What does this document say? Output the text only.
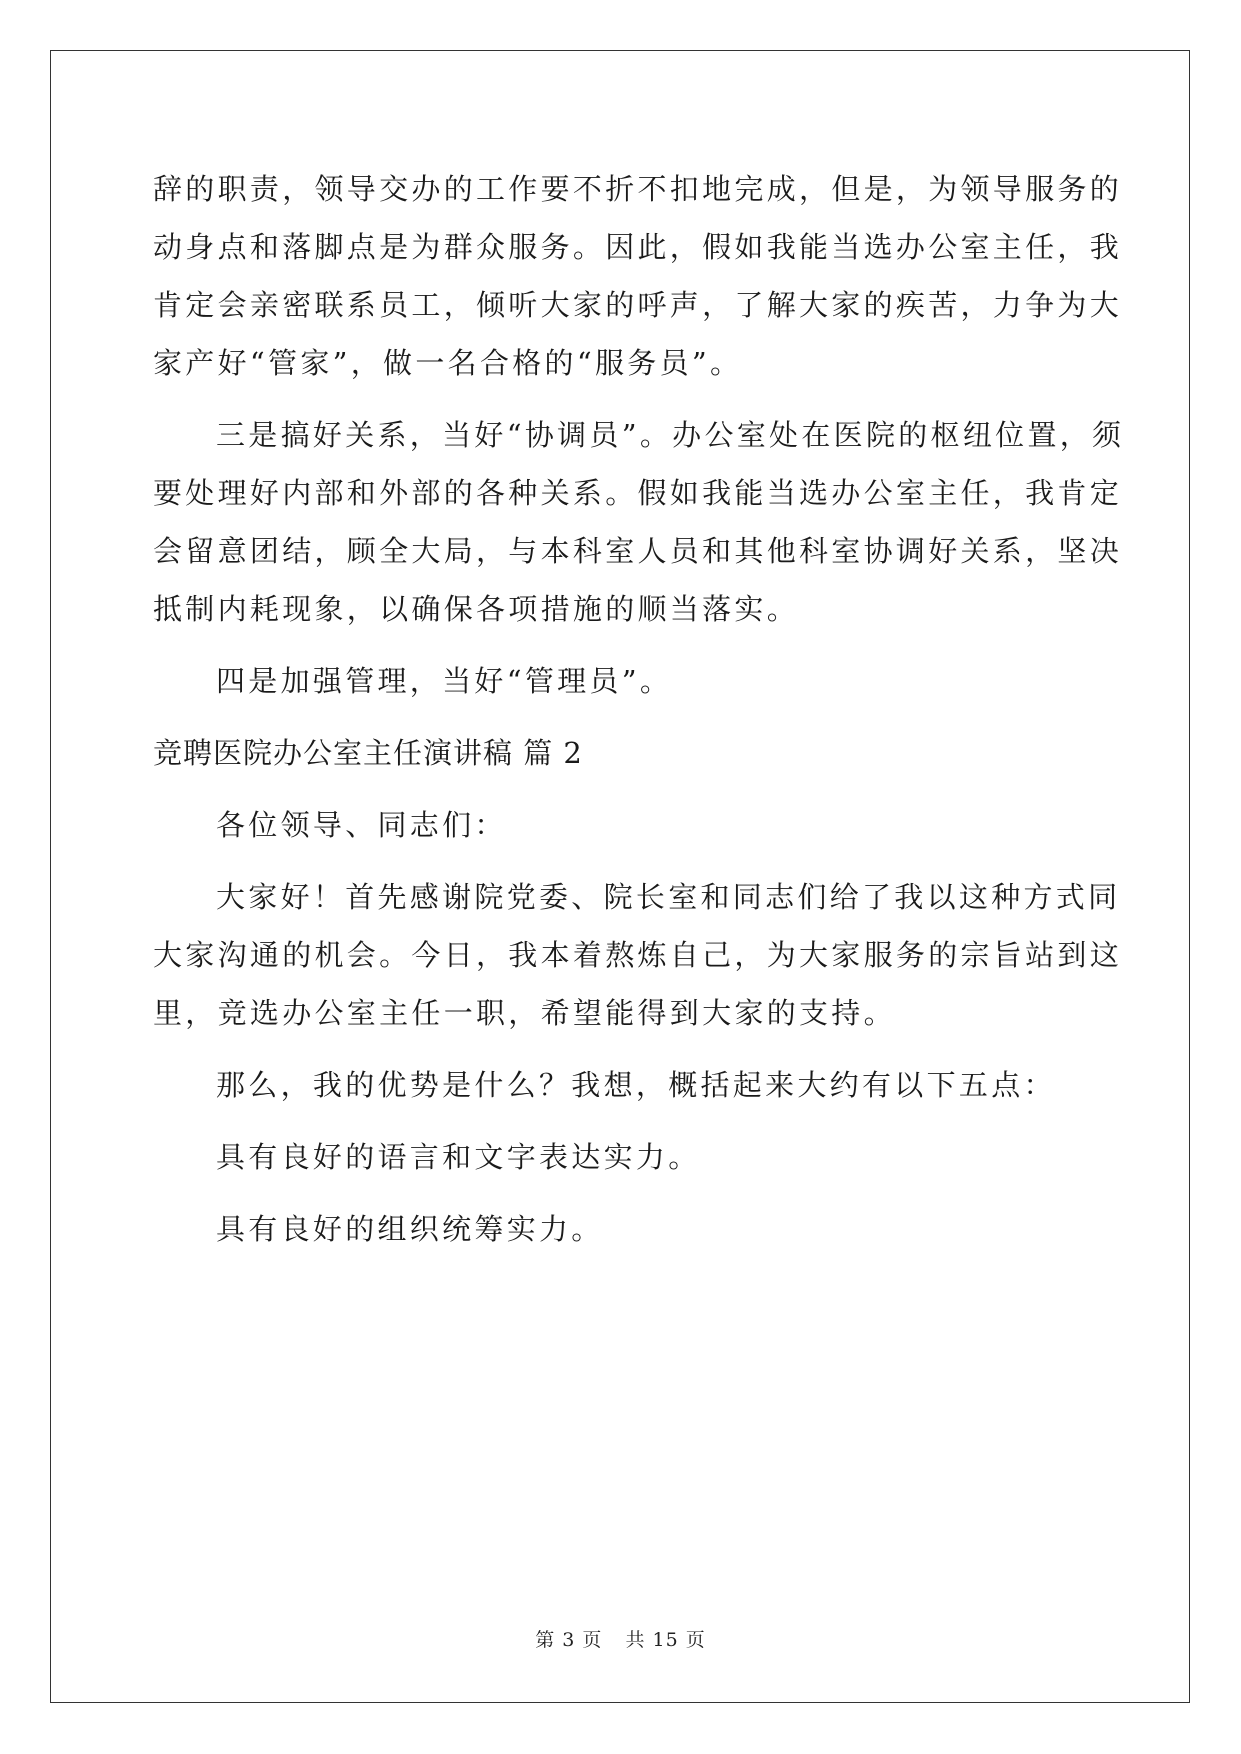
辞的职责，领导交办的工作要不折不扣地完成，但是，为领导服务的
动身点和落脚点是为群众服务。因此，假如我能当选办公室主任，我
肯定会亲密联系员工，倾听大家的呼声，了解大家的疾苦，力争为大
家产好“管家”，做一名合格的“服务员”。
三是搞好关系，当好“协调员”。办公室处在医院的枢纽位置，须
要处理好内部和外部的各种关系。假如我能当选办公室主任，我肯定
会留意团结，顾全大局，与本科室人员和其他科室协调好关系，坚决
抵制内耗现象，以确保各项措施的顺当落实。
四是加强管理，当好“管理员”。
竞聘医院办公室主任演讲稿 篇 2
各位领导、同志们：
大家好！首先感谢院党委、院长室和同志们给了我以这种方式同
大家沟通的机会。今日，我本着熬炼自己，为大家服务的宗旨站到这
里，竞选办公室主任一职，希望能得到大家的支持。
那么，我的优势是什么？我想，概括起来大约有以下五点：
具有良好的语言和文字表达实力。
具有良好的组织统筹实力。
第 3 页 共 15 页
